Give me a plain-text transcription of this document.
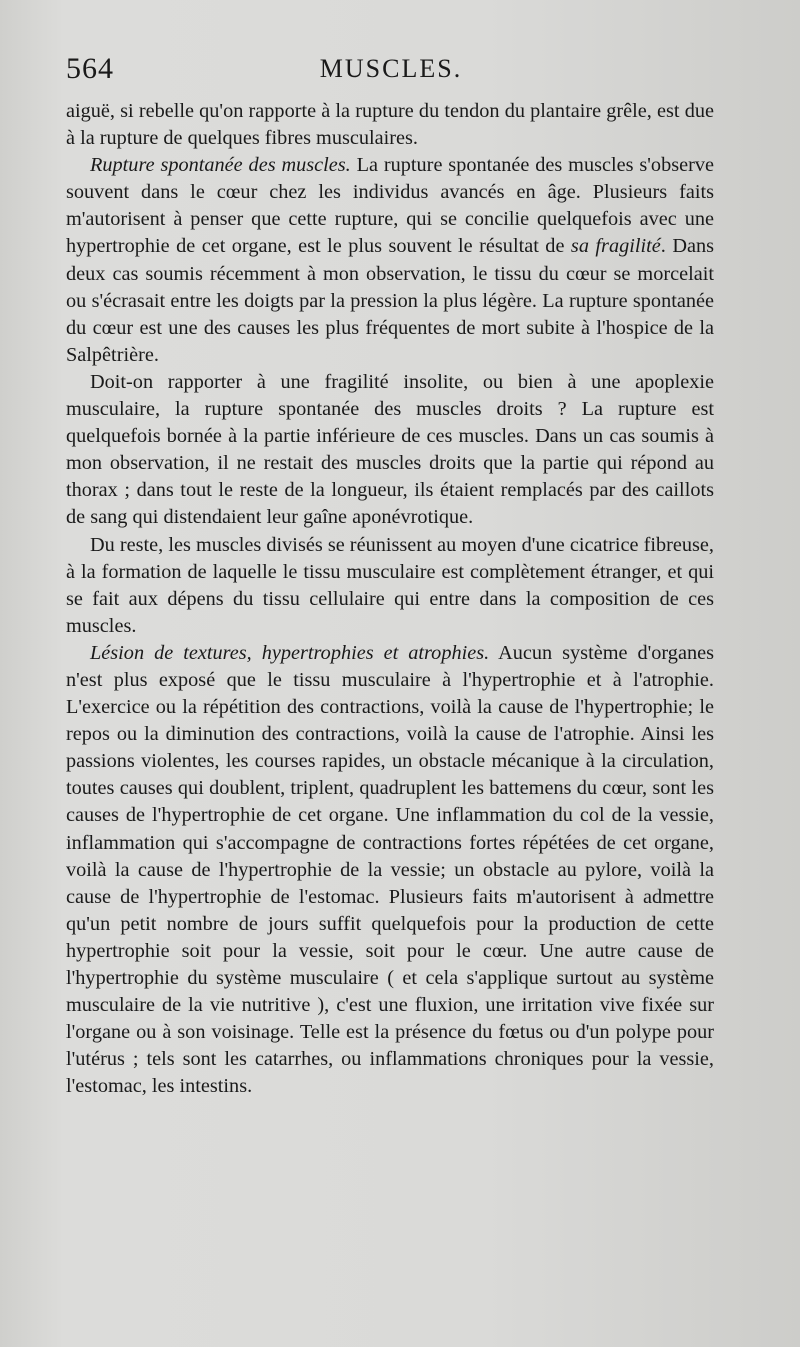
564	MUSCLES.

aiguë, si rebelle qu'on rapporte à la rupture du tendon du plantaire grêle, est due à la rupture de quelques fibres musculaires.

Rupture spontanée des muscles. La rupture spontanée des muscles s'observe souvent dans le cœur chez les individus avancés en âge. Plusieurs faits m'autorisent à penser que cette rupture, qui se concilie quelquefois avec une hypertrophie de cet organe, est le plus souvent le résultat de sa fragilité. Dans deux cas soumis récemment à mon observation, le tissu du cœur se morcelait ou s'écrasait entre les doigts par la pression la plus légère. La rupture spontanée du cœur est une des causes les plus fréquentes de mort subite à l'hospice de la Salpêtrière.

Doit-on rapporter à une fragilité insolite, ou bien à une apoplexie musculaire, la rupture spontanée des muscles droits ? La rupture est quelquefois bornée à la partie inférieure de ces muscles. Dans un cas soumis à mon observation, il ne restait des muscles droits que la partie qui répond au thorax ; dans tout le reste de la longueur, ils étaient remplacés par des caillots de sang qui distendaient leur gaîne aponévrotique.

Du reste, les muscles divisés se réunissent au moyen d'une cicatrice fibreuse, à la formation de laquelle le tissu musculaire est complètement étranger, et qui se fait aux dépens du tissu cellulaire qui entre dans la composition de ces muscles.

Lésion de textures, hypertrophies et atrophies. Aucun système d'organes n'est plus exposé que le tissu musculaire à l'hypertrophie et à l'atrophie. L'exercice ou la répétition des contractions, voilà la cause de l'hypertrophie; le repos ou la diminution des contractions, voilà la cause de l'atrophie. Ainsi les passions violentes, les courses rapides, un obstacle mécanique à la circulation, toutes causes qui doublent, triplent, quadruplent les battemens du cœur, sont les causes de l'hypertrophie de cet organe. Une inflammation du col de la vessie, inflammation qui s'accompagne de contractions fortes répétées de cet organe, voilà la cause de l'hypertrophie de la vessie; un obstacle au pylore, voilà la cause de l'hypertrophie de l'estomac. Plusieurs faits m'autorisent à admettre qu'un petit nombre de jours suffit quelquefois pour la production de cette hypertrophie soit pour la vessie, soit pour le cœur. Une autre cause de l'hypertrophie du système musculaire ( et cela s'applique surtout au système musculaire de la vie nutritive ), c'est une fluxion, une irritation vive fixée sur l'organe ou à son voisinage. Telle est la présence du fœtus ou d'un polype pour l'utérus ; tels sont les catarrhes, ou inflammations chroniques pour la vessie, l'estomac, les intestins.
